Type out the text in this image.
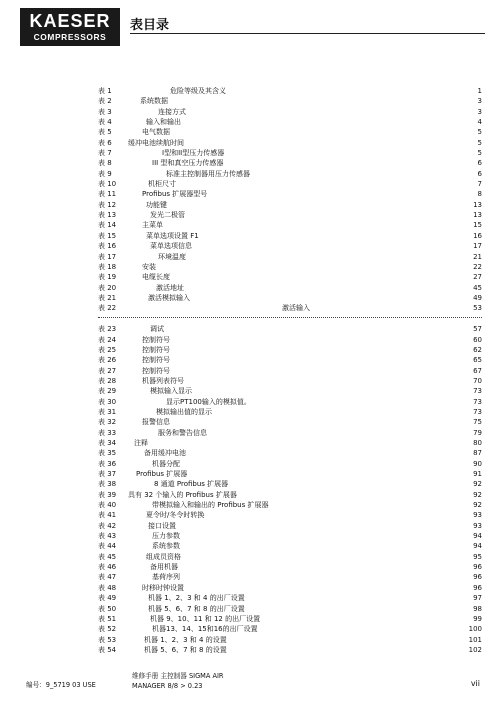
KAESER
COMPRESSORS
表目录
表 1	危险等级及其含义 .....	1
表 2	系统数据 .....	3
表 3	连接方式 .....	3
表 4	输入和输出 .....	4
表 5	电气数据 .....	5
表 6	缓冲电池续航时间 .....	5
表 7	I型和II型压力传感器 .....	5
表 8	III 型和真空压力传感器 .....	6
表 9	标准主控制器用压力传感器 .....	6
表 10	机柜尺寸 .....	7
表 11	Profibus 扩展器型号 .....	8
表 12	功能键 .....	13
表 13	发光二极管 .....	13
表 14	主菜单 .....	15
表 15	菜单选项设置 F1 .....	16
表 16	菜单选项信息 .....	17
表 17	环境温度 .....	21
表 18	安装 .....	22
表 19	电缆长度 .....	27
表 20	激活地址 .....	45
表 21	激活模拟输入 .....	49
表 22	激活输入	53
表 23	调试 .....	57
表 24	控制符号 .....	60
表 25	控制符号 .....	62
表 26	控制符号 .....	65
表 27	控制符号 .....	67
表 28	机器列表符号 .....	70
表 29	模拟输入显示 .....	73
表 30	显示PT100输入的模拟值。 .....	73
表 31	模拟输出值的显示 .....	73
表 32	报警信息 .....	75
表 33	服务和警告信息 .....	79
表 34	注释 .....	80
表 35	备用缓冲电池 .....	87
表 36	机器分配 .....	90
表 37	Profibus 扩展器 .....	91
表 38	8 通道 Profibus 扩展器 .....	92
表 39	具有 32 个输入的 Profibus 扩展器 .....	92
表 40	带模拟输入和输出的 Profibus 扩展器 .....	92
表 41	夏令时/冬令时转换 .....	93
表 42	接口设置 .....	93
表 43	压力参数 .....	94
表 44	系统参数 .....	94
表 45	组成员资格 .....	95
表 46	备用机器 .....	96
表 47	基荷序列 .....	96
表 48	时移时钟设置 .....	96
表 49	机器 1、2、3 和 4 的出厂设置 .....	97
表 50	机器 5、6、7 和 8 的出厂设置 .....	98
表 51	机器 9、10、11 和 12 的出厂设置 .....	99
表 52	机器13、14、15和16的出厂设置 .....	100
表 53	机器 1、2、3 和 4 的设置 .....	101
表 54	机器 5、6、7 和 8 的设置 .....	102
编号：9_5719 03 USE
维修手册 主控制器 SIGMA AIR
MANAGER 8/8 > 0.23	vii
